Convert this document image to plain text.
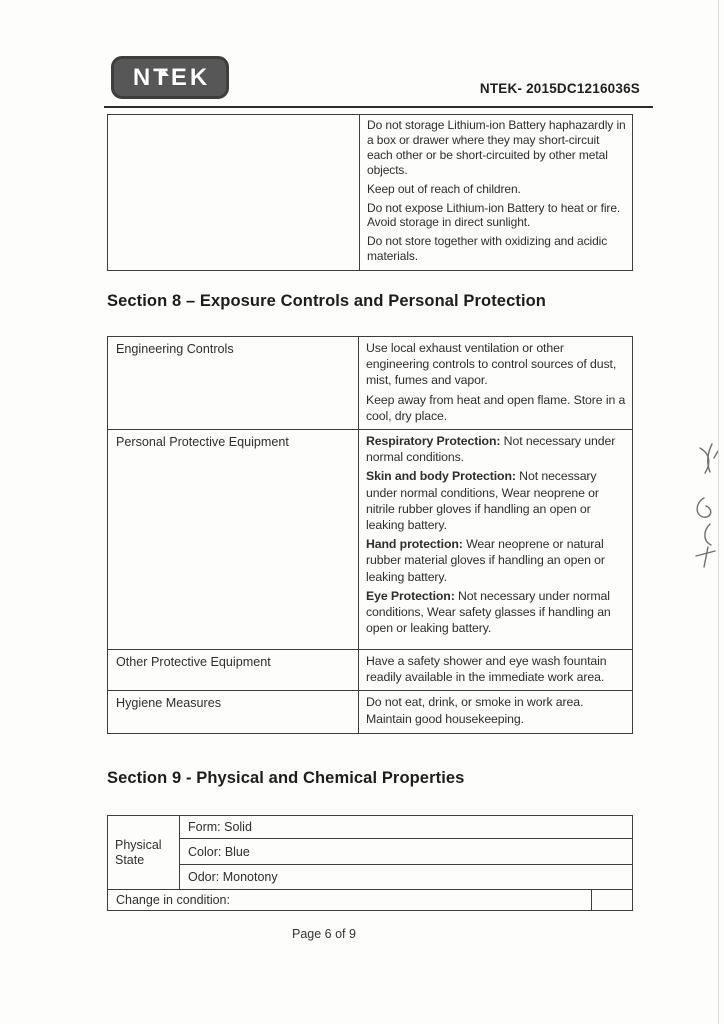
NTEK	NTEK- 2015DC1216036S

Do not storage Lithium-ion Battery haphazardly in a box or drawer where they may short-circuit each other or be short-circuited by other metal objects.

Keep out of reach of children.

Do not expose Lithium-ion Battery to heat or fire. Avoid storage in direct sunlight.

Do not store together with oxidizing and acidic materials.

Section 8 – Exposure Controls and Personal Protection
Engineering Controls	Use local exhaust ventilation or other engineering controls to control sources of dust, mist, fumes and vapor.

Keep away from heat and open flame. Store in a cool, dry place.

Personal Protective Equipment	Respiratory Protection: Not necessary under normal conditions.

Skin and body Protection: Not necessary under normal conditions, Wear neoprene or nitrile rubber gloves if handling an open or leaking battery.

Hand protection: Wear neoprene or natural rubber material gloves if handling an open or leaking battery.

Eye Protection: Not necessary under normal conditions, Wear safety glasses if handling an open or leaking battery.

Other Protective Equipment	Have a safety shower and eye wash fountain readily available in the immediate work area.

Hygiene Measures	Do not eat, drink, or smoke in work area. Maintain good housekeeping.

Section 9 - Physical and Chemical Properties
Physical State	Form: Solid	
	Color: Blue	
	Odor: Monotony	
Change in condition:		
Page 6 of 9
